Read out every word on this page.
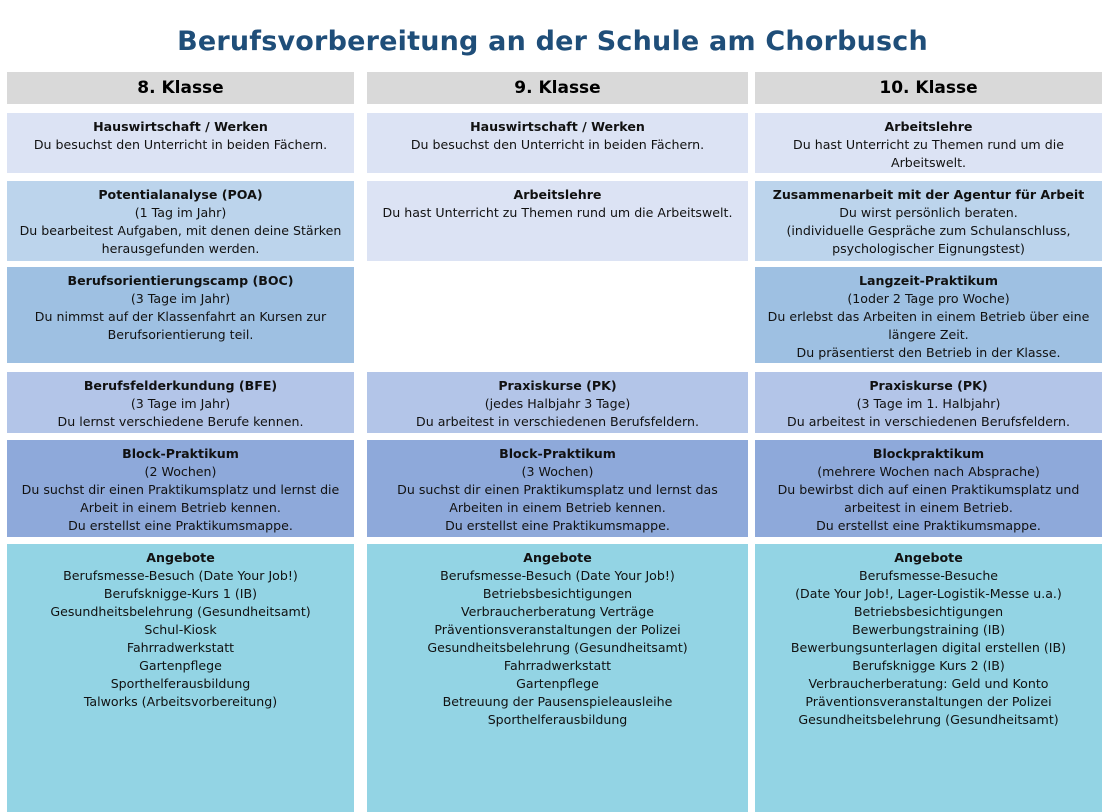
Berufsvorbereitung an der Schule am Chorbusch
8. Klasse
Hauswirtschaft / Werken
Du besuchst den Unterricht in beiden Fächern.
Potentialanalyse (POA)
(1 Tag im Jahr)
Du bearbeitest Aufgaben, mit denen deine Stärken
herausgefunden werden.
Berufsorientierungscamp (BOC)
(3 Tage im Jahr)
Du nimmst auf der Klassenfahrt an Kursen zur
Berufsorientierung teil.
Berufsfelderkundung (BFE)
(3 Tage im Jahr)
Du lernst verschiedene Berufe kennen.
Block-Praktikum
(2 Wochen)
Du suchst dir einen Praktikumsplatz und lernst die
Arbeit in einem Betrieb kennen.
Du erstellst eine Praktikumsmappe.
Angebote
Berufsmesse-Besuch (Date Your Job!)
Berufsknigge-Kurs 1 (IB)
Gesundheitsbelehrung (Gesundheitsamt)
Schul-Kiosk
Fahrradwerkstatt
Gartenpflege
Sporthelferausbildung
Talworks (Arbeitsvorbereitung)
9. Klasse
Hauswirtschaft / Werken
Du besuchst den Unterricht in beiden Fächern.
Arbeitslehre
Du hast Unterricht zu Themen rund um die Arbeitswelt.
Praxiskurse (PK)
(jedes Halbjahr 3 Tage)
Du arbeitest in verschiedenen Berufsfeldern.
Block-Praktikum
(3 Wochen)
Du suchst dir einen Praktikumsplatz und lernst das
Arbeiten in einem Betrieb kennen.
Du erstellst eine Praktikumsmappe.
Angebote
Berufsmesse-Besuch (Date Your Job!)
Betriebsbesichtigungen
Verbraucherberatung Verträge
Präventionsveranstaltungen der Polizei
Gesundheitsbelehrung (Gesundheitsamt)
Fahrradwerkstatt
Gartenpflege
Betreuung der Pausenspieleausleihe
Sporthelferausbildung
10. Klasse
Arbeitslehre
Du hast Unterricht zu Themen rund um die
Arbeitswelt.
Zusammenarbeit mit der Agentur für Arbeit
Du wirst persönlich beraten.
(individuelle Gespräche zum Schulanschluss,
psychologischer Eignungstest)
Langzeit-Praktikum
(1oder 2 Tage pro Woche)
Du erlebst das Arbeiten in einem Betrieb über eine
längere Zeit.
Du präsentierst den Betrieb in der Klasse.
Praxiskurse (PK)
(3 Tage im 1. Halbjahr)
Du arbeitest in verschiedenen Berufsfeldern.
Blockpraktikum
(mehrere Wochen nach Absprache)
Du bewirbst dich auf einen Praktikumsplatz und
arbeitest in einem Betrieb.
Du erstellst eine Praktikumsmappe.
Angebote
Berufsmesse-Besuche
(Date Your Job!, Lager-Logistik-Messe u.a.)
Betriebsbesichtigungen
Bewerbungstraining (IB)
Bewerbungsunterlagen digital erstellen (IB)
Berufsknigge Kurs 2 (IB)
Verbraucherberatung: Geld und Konto
Präventionsveranstaltungen der Polizei
Gesundheitsbelehrung (Gesundheitsamt)
